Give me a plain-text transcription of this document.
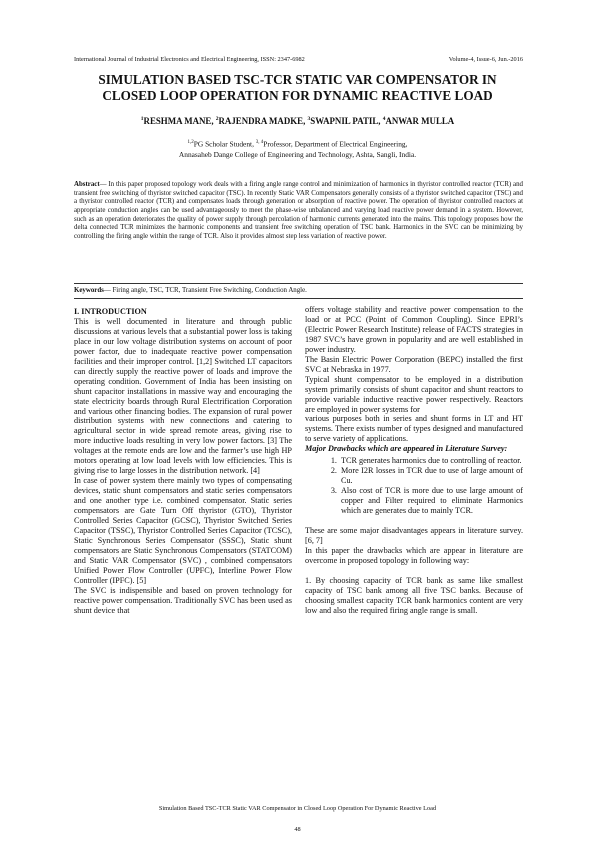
International Journal of Industrial Electronics and Electrical Engineering, ISSN: 2347-6982	Volume-4, Issue-6, Jun.-2016
SIMULATION BASED TSC-TCR STATIC VAR COMPENSATOR IN
CLOSED LOOP OPERATION FOR DYNAMIC REACTIVE LOAD
$^1$RESHMA MANE, $^2$RAJENDRA MADKE, $^3$SWAPNIL PATIL, $^4$ANWAR MULLA
$^{1,2}$PG Scholar Student, $^{3, 4}$Professor, Department of Electrical Engineering,
Annasaheb Dange College of Engineering and Technology, Ashta, Sangli, India.
Abstract— In this paper proposed topology work deals with a firing angle range control and minimization of harmonics in thyristor controlled reactor (TCR) and transient free switching of thyristor switched capacitor (TSC). In recently Static VAR Compensators generally consists of a thyristor switched capacitor (TSC) and a thyristor controlled reactor (TCR) and compensates loads through generation or absorption of reactive power. The operation of thyristor controlled reactors at appropriate conduction angles can be used advantageously to meet the phase-wise unbalanced and varying load reactive power demand in a system. However, such as an operation deteriorates the quality of power supply through percolation of harmonic currents generated into the mains. This topology proposes how the delta connected TCR minimizes the harmonic components and transient free switching operation of TSC bank. Harmonics in the SVC can be minimizing by controlling the firing angle within the range of TCR. Also it provides almost step less variation of reactive power.
Keywords— Firing angle, TSC, TCR, Transient Free Switching, Conduction Angle.

I. INTRODUCTION

This is well documented in literature and through public discussions at various levels that a substantial power loss is taking place in our low voltage distribution systems on account of poor power factor, due to inadequate reactive power compensation facilities and their improper control. [1,2] Switched LT capacitors can directly supply the reactive power of loads and improve the operating condition. Government of India has been insisting on shunt capacitor installations in massive way and encouraging the state electricity boards through Rural Electrification Corporation and various other financing bodies. The expansion of rural power distribution systems with new connections and catering to agricultural sector in wide spread remote areas, giving rise to more inductive loads resulting in very low power factors. [3] The voltages at the remote ends are low and the farmer’s use high HP motors operating at low load levels with low efficiencies. This is giving rise to large losses in the distribution network. [4]

In case of power system there mainly two types of compensating devices, static shunt compensators and static series compensators and one another type i.e. combined compensator. Static series compensators are Gate Turn Off thyristor (GTO), Thyristor Controlled Series Capacitor (GCSC), Thyristor Switched Series Capacitor (TSSC), Thyristor Controlled Series Capacitor (TCSC), Static Synchronous Series Compensator (SSSC), Static shunt compensators are Static Synchronous Compensators (STATCOM) and Static VAR Compensator (SVC) , combined compensators Unified Power Flow Controller (UPFC), Interline Power Flow Controller (IPFC). [5]

The SVC is indispensible and based on proven technology for reactive power compensation. Traditionally SVC has been used as shunt device that

offers voltage stability and reactive power compensation to the load or at PCC (Point of Common Coupling). Since EPRI’s (Electric Power Research Institute) release of FACTS strategies in 1987 SVC’s have grown in popularity and are well established in power industry.

The Basin Electric Power Corporation (BEPC) installed the first SVC at Nebraska in 1977.

Typical shunt compensator to be employed in a distribution system primarily consists of shunt capacitor and shunt reactors to provide variable inductive reactive power respectively. Reactors are employed in power systems for

various purposes both in series and shunt forms in LT and HT systems. There exists number of types designed and manufactured to serve variety of applications.

Major Drawbacks which are appeared in Literature Survey:

1. TCR generates harmonics due to controlling of reactor.
2. More I2R losses in TCR due to use of large amount of Cu.
3. Also cost of TCR is more due to use large amount of copper and Filter required to eliminate Harmonics which are generates due to mainly TCR.

These are some major disadvantages appears in literature survey. [6, 7]

In this paper the drawbacks which are appear in literature are overcome in proposed topology in following way:

1. By choosing capacity of TCR bank as same like smallest capacity of TSC bank among all five TSC banks. Because of choosing smallest capacity TCR bank harmonics content are very low and also the required firing angle range is small.

Simulation Based TSC-TCR Static VAR Compensator in Closed Loop Operation For Dynamic Reactive Load
48
